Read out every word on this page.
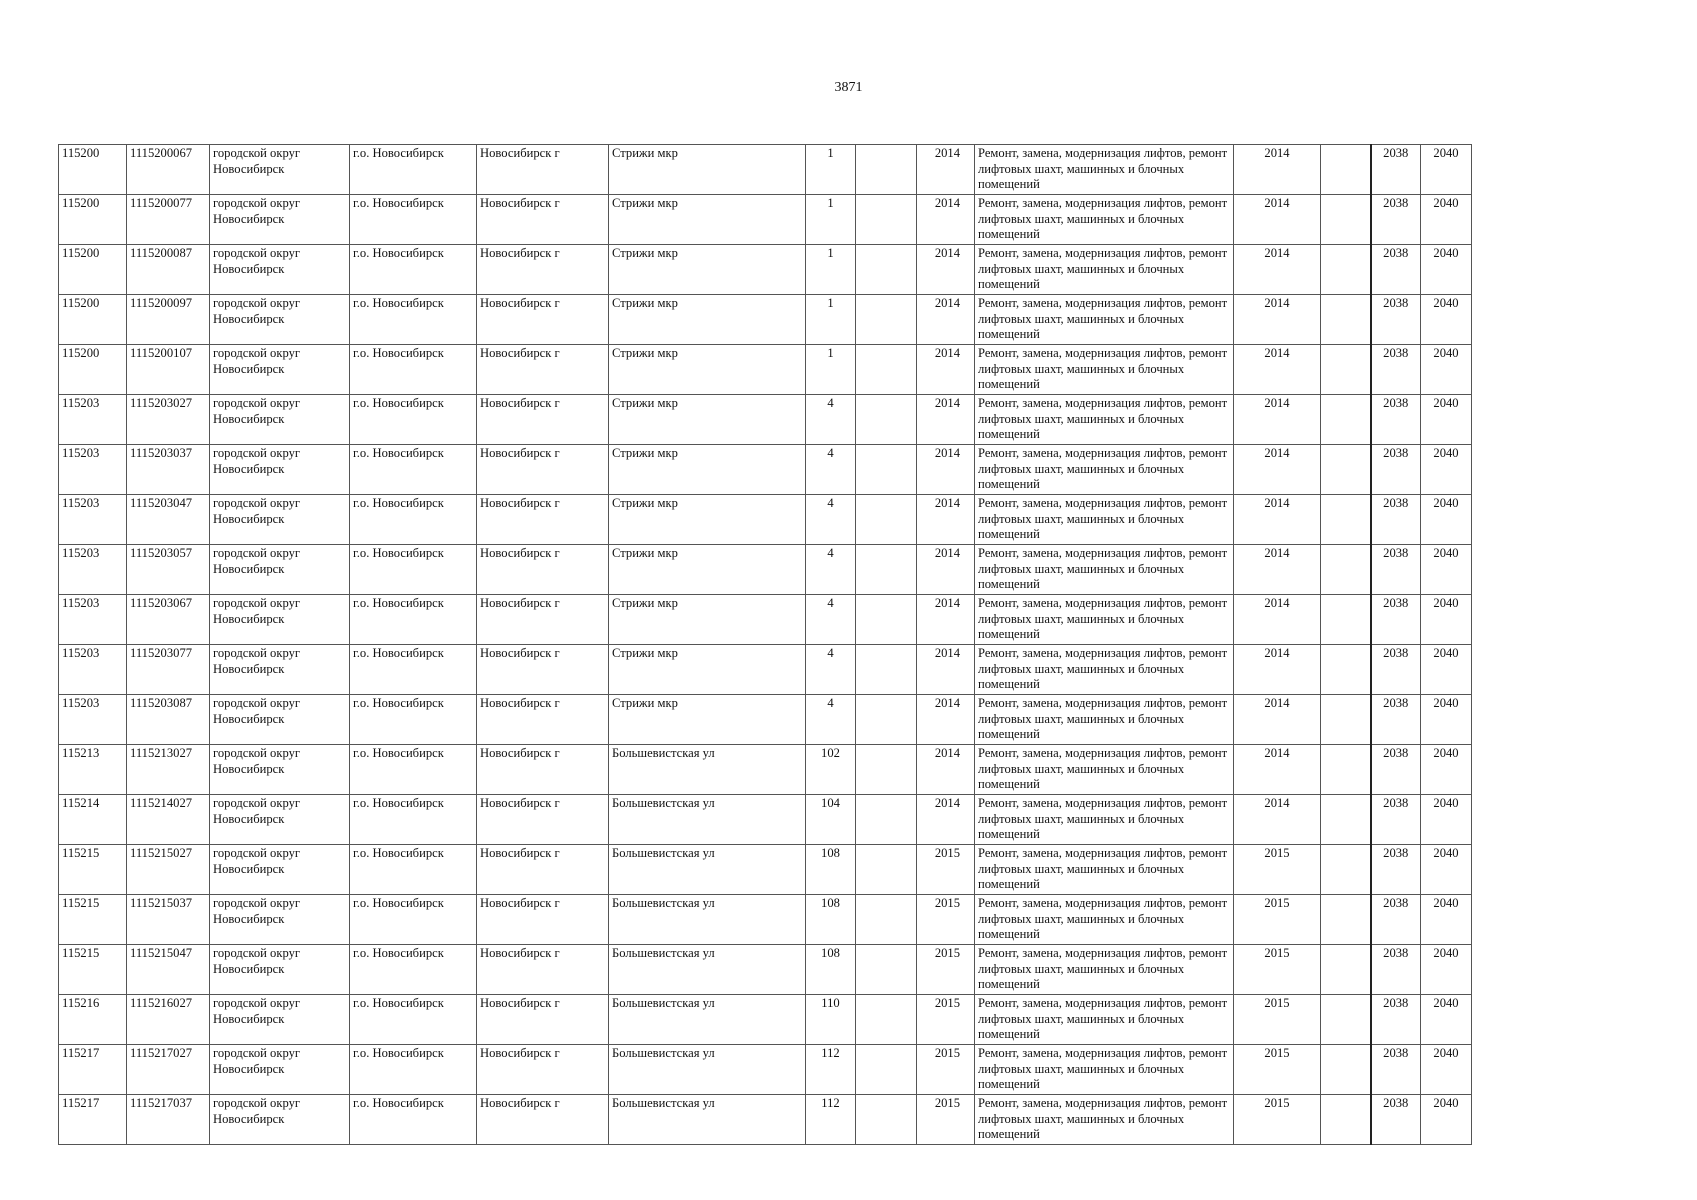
3871
115200	1115200067	городской округ Новосибирск	г.о. Новосибирск	Новосибирск г	Стрижи мкр	1		2014	Ремонт, замена, модернизация лифтов, ремонт лифтовых шахт, машинных и блочных помещений	2014		2038	2040
115200	1115200077	городской округ Новосибирск	г.о. Новосибирск	Новосибирск г	Стрижи мкр	1		2014	Ремонт, замена, модернизация лифтов, ремонт лифтовых шахт, машинных и блочных помещений	2014		2038	2040
115200	1115200087	городской округ Новосибирск	г.о. Новосибирск	Новосибирск г	Стрижи мкр	1		2014	Ремонт, замена, модернизация лифтов, ремонт лифтовых шахт, машинных и блочных помещений	2014		2038	2040
115200	1115200097	городской округ Новосибирск	г.о. Новосибирск	Новосибирск г	Стрижи мкр	1		2014	Ремонт, замена, модернизация лифтов, ремонт лифтовых шахт, машинных и блочных помещений	2014		2038	2040
115200	1115200107	городской округ Новосибирск	г.о. Новосибирск	Новосибирск г	Стрижи мкр	1		2014	Ремонт, замена, модернизация лифтов, ремонт лифтовых шахт, машинных и блочных помещений	2014		2038	2040
115203	1115203027	городской округ Новосибирск	г.о. Новосибирск	Новосибирск г	Стрижи мкр	4		2014	Ремонт, замена, модернизация лифтов, ремонт лифтовых шахт, машинных и блочных помещений	2014		2038	2040
115203	1115203037	городской округ Новосибирск	г.о. Новосибирск	Новосибирск г	Стрижи мкр	4		2014	Ремонт, замена, модернизация лифтов, ремонт лифтовых шахт, машинных и блочных помещений	2014		2038	2040
115203	1115203047	городской округ Новосибирск	г.о. Новосибирск	Новосибирск г	Стрижи мкр	4		2014	Ремонт, замена, модернизация лифтов, ремонт лифтовых шахт, машинных и блочных помещений	2014		2038	2040
115203	1115203057	городской округ Новосибирск	г.о. Новосибирск	Новосибирск г	Стрижи мкр	4		2014	Ремонт, замена, модернизация лифтов, ремонт лифтовых шахт, машинных и блочных помещений	2014		2038	2040
115203	1115203067	городской округ Новосибирск	г.о. Новосибирск	Новосибирск г	Стрижи мкр	4		2014	Ремонт, замена, модернизация лифтов, ремонт лифтовых шахт, машинных и блочных помещений	2014		2038	2040
115203	1115203077	городской округ Новосибирск	г.о. Новосибирск	Новосибирск г	Стрижи мкр	4		2014	Ремонт, замена, модернизация лифтов, ремонт лифтовых шахт, машинных и блочных помещений	2014		2038	2040
115203	1115203087	городской округ Новосибирск	г.о. Новосибирск	Новосибирск г	Стрижи мкр	4		2014	Ремонт, замена, модернизация лифтов, ремонт лифтовых шахт, машинных и блочных помещений	2014		2038	2040
115213	1115213027	городской округ Новосибирск	г.о. Новосибирск	Новосибирск г	Большевистская ул	102		2014	Ремонт, замена, модернизация лифтов, ремонт лифтовых шахт, машинных и блочных помещений	2014		2038	2040
115214	1115214027	городской округ Новосибирск	г.о. Новосибирск	Новосибирск г	Большевистская ул	104		2014	Ремонт, замена, модернизация лифтов, ремонт лифтовых шахт, машинных и блочных помещений	2014		2038	2040
115215	1115215027	городской округ Новосибирск	г.о. Новосибирск	Новосибирск г	Большевистская ул	108		2015	Ремонт, замена, модернизация лифтов, ремонт лифтовых шахт, машинных и блочных помещений	2015		2038	2040
115215	1115215037	городской округ Новосибирск	г.о. Новосибирск	Новосибирск г	Большевистская ул	108		2015	Ремонт, замена, модернизация лифтов, ремонт лифтовых шахт, машинных и блочных помещений	2015		2038	2040
115215	1115215047	городской округ Новосибирск	г.о. Новосибирск	Новосибирск г	Большевистская ул	108		2015	Ремонт, замена, модернизация лифтов, ремонт лифтовых шахт, машинных и блочных помещений	2015		2038	2040
115216	1115216027	городской округ Новосибирск	г.о. Новосибирск	Новосибирск г	Большевистская ул	110		2015	Ремонт, замена, модернизация лифтов, ремонт лифтовых шахт, машинных и блочных помещений	2015		2038	2040
115217	1115217027	городской округ Новосибирск	г.о. Новосибирск	Новосибирск г	Большевистская ул	112		2015	Ремонт, замена, модернизация лифтов, ремонт лифтовых шахт, машинных и блочных помещений	2015		2038	2040
115217	1115217037	городской округ Новосибирск	г.о. Новосибирск	Новосибирск г	Большевистская ул	112		2015	Ремонт, замена, модернизация лифтов, ремонт лифтовых шахт, машинных и блочных помещений	2015		2038	2040
